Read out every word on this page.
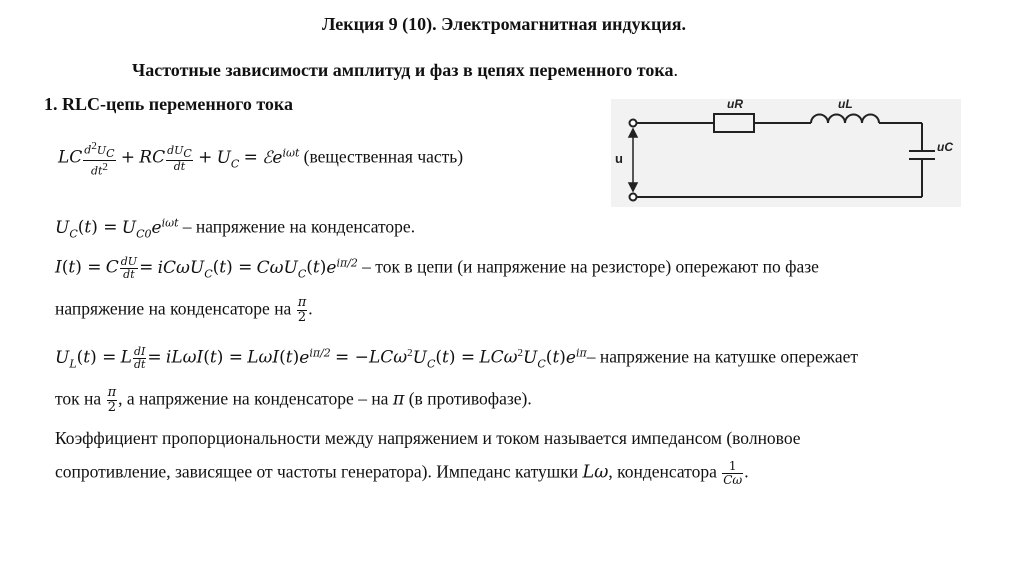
Лекция 9 (10). Электромагнитная индукция.
Частотные зависимости амплитуд и фаз в цепях переменного тока.
1. RLC-цепь переменного тока
LC $\frac{d^2U_C}{dt^2}$ + RC $\frac{dU_C}{dt} + U_C$ = ℰe$^{i\omega t}$ (вещественная часть)
$U_C(t) = U_{C0}e^{i\omega t}$ – напряжение на конденсаторе.
I(t) = C $\frac{dU}{dt} = iC\omega U_C(t) = C\omega U_C(t)e^{i\pi/2}$ – ток в цепи (и напряжение на резисторе) опережают по фазе
напряжение на конденсаторе на $\frac{\pi}{2}$ .
$U_L(t) = L \frac{dI}{dt} = iL\omega I(t) = L\omega I(t)e^{i\pi/2} = -LC\omega^2U_C(t) = LC\omega^2U_C(t)e^{i\pi}-$ напряжение на катушке опережает
ток на $\frac{\pi}{2}$ , а напряжение на конденсаторе – на π (в противофазе).
Коэффициент пропорциональности между напряжением и током называется импедансом (волновое
сопротивление, зависящее от частоты генератора). Импеданс катушки Lω, конденсатора $\frac{1}{C\omega}$ .
u
uR	uL
uC
